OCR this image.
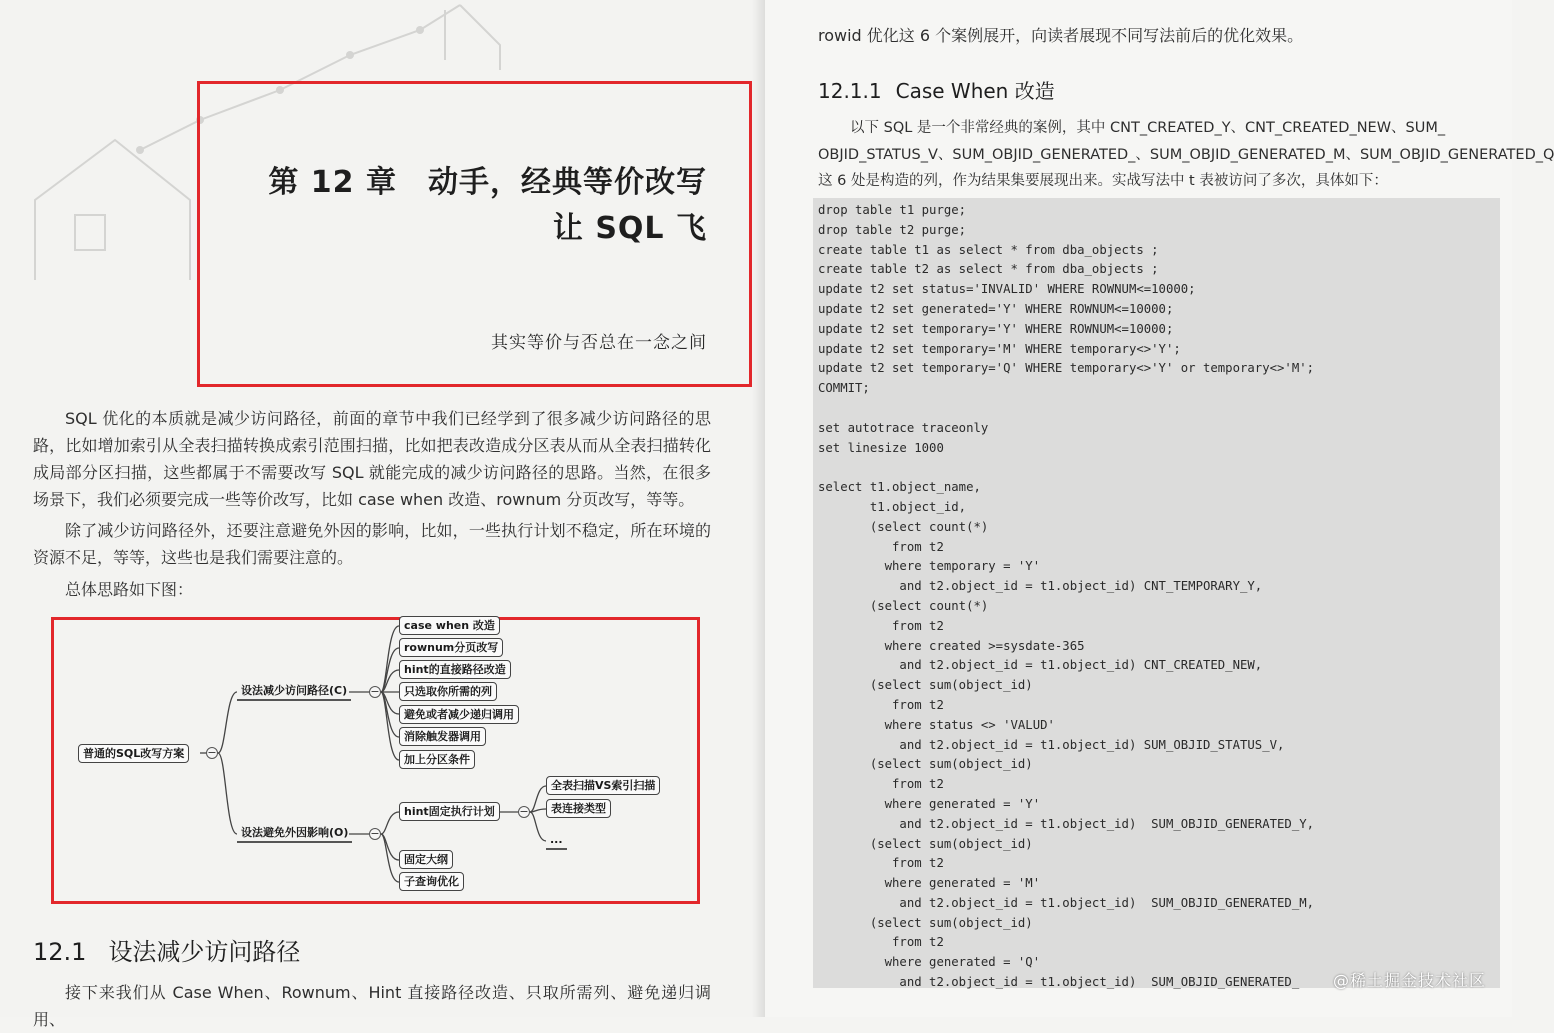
第 12 章　动手，经典等价改写
让 SQL 飞
其实等价与否总在一念之间

SQL 优化的本质就是减少访问路径，前面的章节中我们已经学到了很多减少访问路径的思路，比如增加索引从全表扫描转换成索引范围扫描，比如把表改造成分区表从而从全表扫描转化成局部分区扫描，这些都属于不需要改写 SQL 就能完成的减少访问路径的思路。当然，在很多场景下，我们必须要完成一些等价改写，比如 case when 改造、rownum 分页改写，等等。

除了减少访问路径外，还要注意避免外因的影响，比如，一些执行计划不稳定，所在环境的资源不足，等等，这些也是我们需要注意的。

总体思路如下图：

普通的SQL改写方案	−
设法减少访问路径(C)	−
case when 改造
rownum分页改写
hint的直接路径改造
只选取你所需的列
避免或者减少递归调用
消除触发器调用
加上分区条件
设法避免外因影响(O)	−
hint固定执行计划	−
固定大纲
子查询优化
全表扫描VS索引扫描
表连接类型
...
12.1 设法减少访问路径

接下来我们从 Case When、Rownum、Hint 直接路径改造、只取所需列、避免递归调用、

rowid 优化这 6 个案例展开，向读者展现不同写法前后的优化效果。

12.1.1 Case When 改造

以下 SQL 是一个非常经典的案例，其中 CNT_CREATED_Y、CNT_CREATED_NEW、SUM_

OBJID_STATUS_V、SUM_OBJID_GENERATED_、SUM_OBJID_GENERATED_M、SUM_OBJID_GENERATED_Q

这 6 处是构造的列，作为结果集要展现出来。实战写法中 t 表被访问了多次，具体如下：

drop table t1 purge;
drop table t2 purge;
create table t1 as select * from dba_objects ;
create table t2 as select * from dba_objects ;
update t2 set status='INVALID' WHERE ROWNUM<=10000;
update t2 set generated='Y' WHERE ROWNUM<=10000;
update t2 set temporary='Y' WHERE ROWNUM<=10000;
update t2 set temporary='M' WHERE temporary<>'Y';
update t2 set temporary='Q' WHERE temporary<>'Y' or temporary<>'M';
COMMIT;

set autotrace traceonly
set linesize 1000

select t1.object_name,
t1.object_id,
(select count(*)
from t2
where temporary = 'Y'
and t2.object_id = t1.object_id) CNT_TEMPORARY_Y,
(select count(*)
from t2
where created >=sysdate-365
and t2.object_id = t1.object_id) CNT_CREATED_NEW,
(select sum(object_id)
from t2
where status <> 'VALUD'
and t2.object_id = t1.object_id) SUM_OBJID_STATUS_V,
(select sum(object_id)
from t2
where generated = 'Y'
and t2.object_id = t1.object_id)  SUM_OBJID_GENERATED_Y,
(select sum(object_id)
from t2
where generated = 'M'
and t2.object_id = t1.object_id)  SUM_OBJID_GENERATED_M,
(select sum(object_id)
from t2
where generated = 'Q'
and t2.object_id = t1.object_id)  SUM_OBJID_GENERATED_	@稀土掘金技术社区
